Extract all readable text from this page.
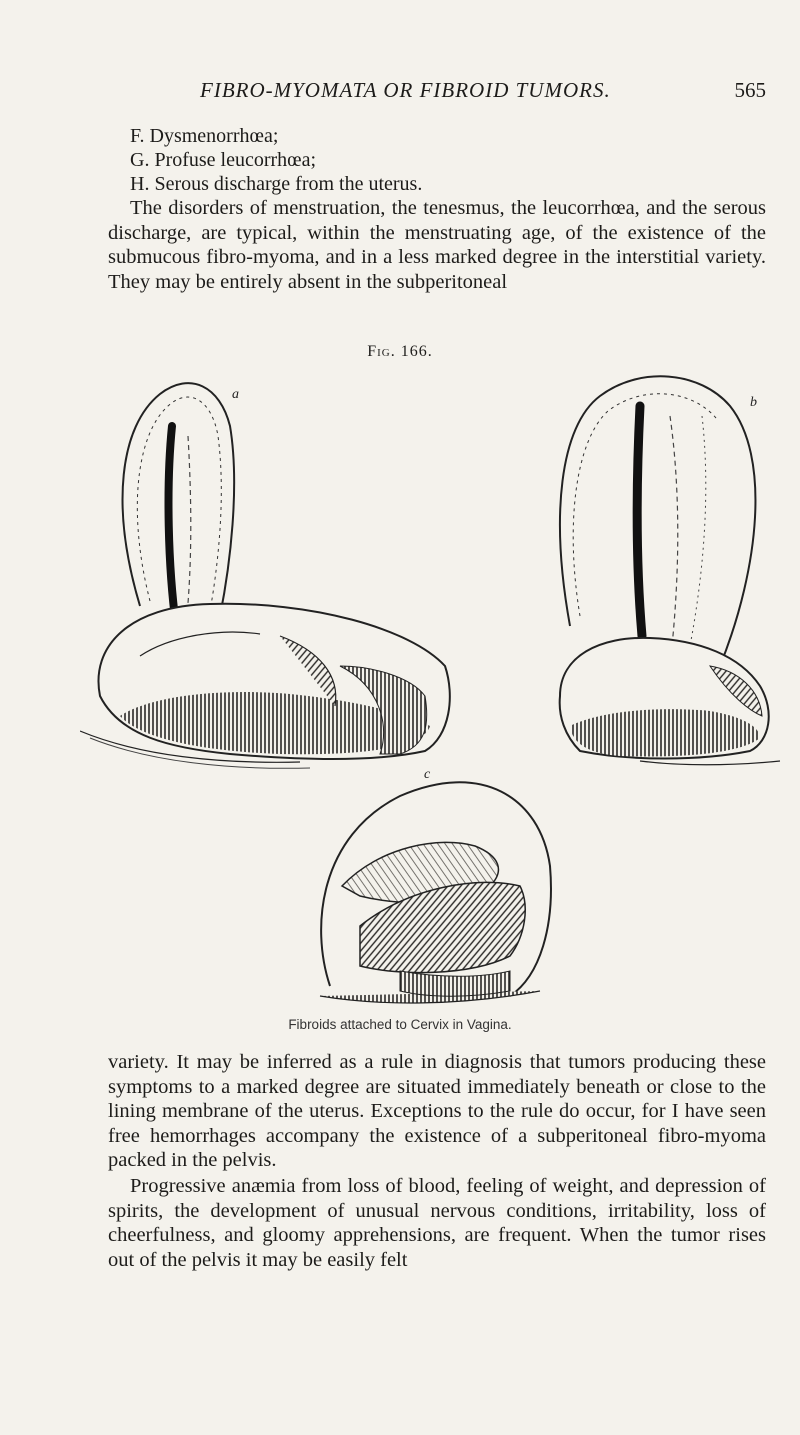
FIBRO-MYOMATA OR FIBROID TUMORS.	565
F. Dysmenorrhœa;
G. Profuse leucorrhœa;
H. Serous discharge from the uterus.
The disorders of menstruation, the tenesmus, the leucorrhœa, and the serous discharge, are typical, within the menstruating age, of the existence of the submucous fibro-myoma, and in a less marked degree in the interstitial variety. They may be entirely absent in the subperitoneal
Fig. 166.
a
b
c
Fibroids attached to Cervix in Vagina.
variety. It may be inferred as a rule in diagnosis that tumors producing these symptoms to a marked degree are situated immediately beneath or close to the lining membrane of the uterus. Exceptions to the rule do occur, for I have seen free hemorrhages accompany the existence of a subperitoneal fibro-myoma packed in the pelvis.
Progressive anæmia from loss of blood, feeling of weight, and depression of spirits, the development of unusual nervous conditions, irritability, loss of cheerfulness, and gloomy apprehensions, are frequent. When the tumor rises out of the pelvis it may be easily felt
